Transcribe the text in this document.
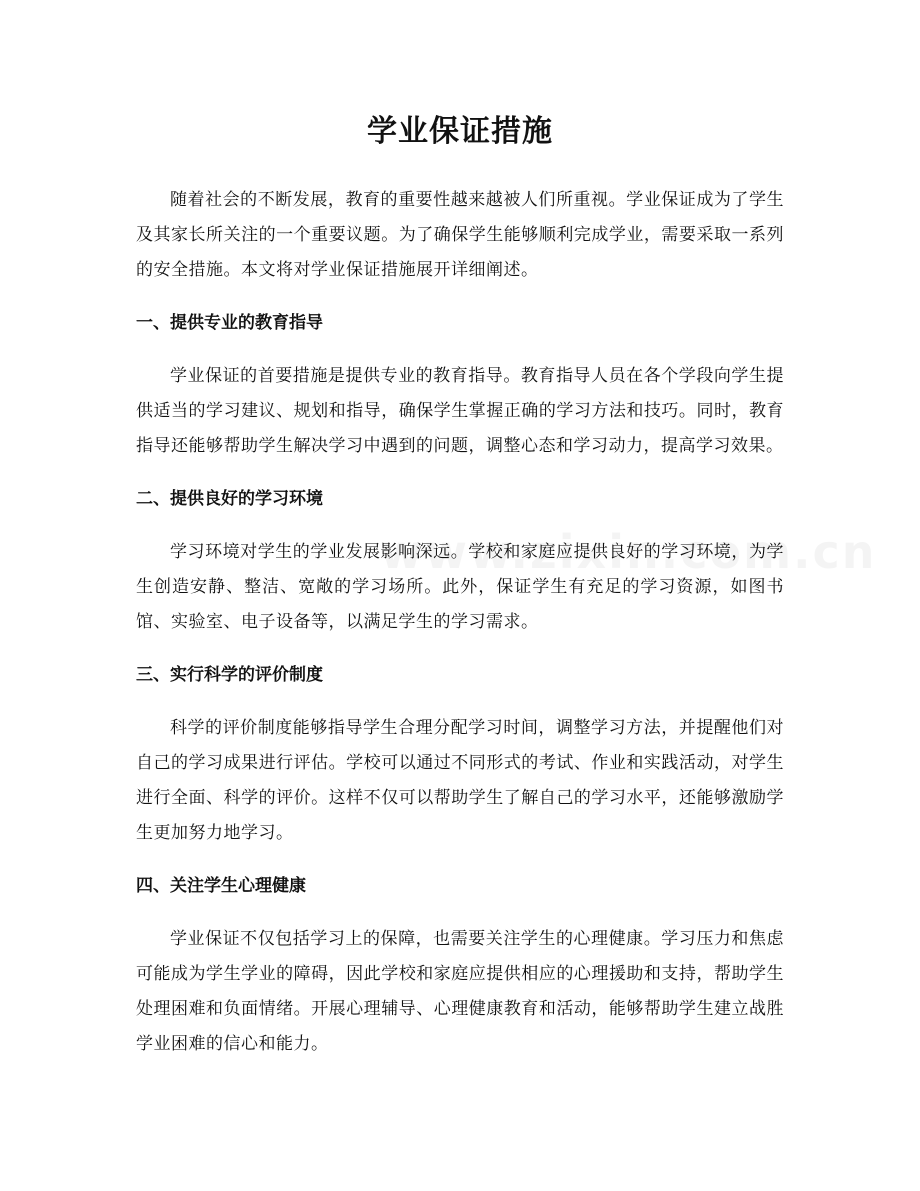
学业保证措施

随着社会的不断发展，教育的重要性越来越被人们所重视。学业保证成为了学生及其家长所关注的一个重要议题。为了确保学生能够顺利完成学业，需要采取一系列的安全措施。本文将对学业保证措施展开详细阐述。

一、提供专业的教育指导

学业保证的首要措施是提供专业的教育指导。教育指导人员在各个学段向学生提供适当的学习建议、规划和指导，确保学生掌握正确的学习方法和技巧。同时，教育指导还能够帮助学生解决学习中遇到的问题，调整心态和学习动力，提高学习效果。

二、提供良好的学习环境

学习环境对学生的学业发展影响深远。学校和家庭应提供良好的学习环境，为学生创造安静、整洁、宽敞的学习场所。此外，保证学生有充足的学习资源，如图书馆、实验室、电子设备等，以满足学生的学习需求。

三、实行科学的评价制度

科学的评价制度能够指导学生合理分配学习时间，调整学习方法，并提醒他们对自己的学习成果进行评估。学校可以通过不同形式的考试、作业和实践活动，对学生进行全面、科学的评价。这样不仅可以帮助学生了解自己的学习水平，还能够激励学生更加努力地学习。

四、关注学生心理健康

学业保证不仅包括学习上的保障，也需要关注学生的心理健康。学习压力和焦虑可能成为学生学业的障碍，因此学校和家庭应提供相应的心理援助和支持，帮助学生处理困难和负面情绪。开展心理辅导、心理健康教育和活动，能够帮助学生建立战胜学业困难的信心和能力。
